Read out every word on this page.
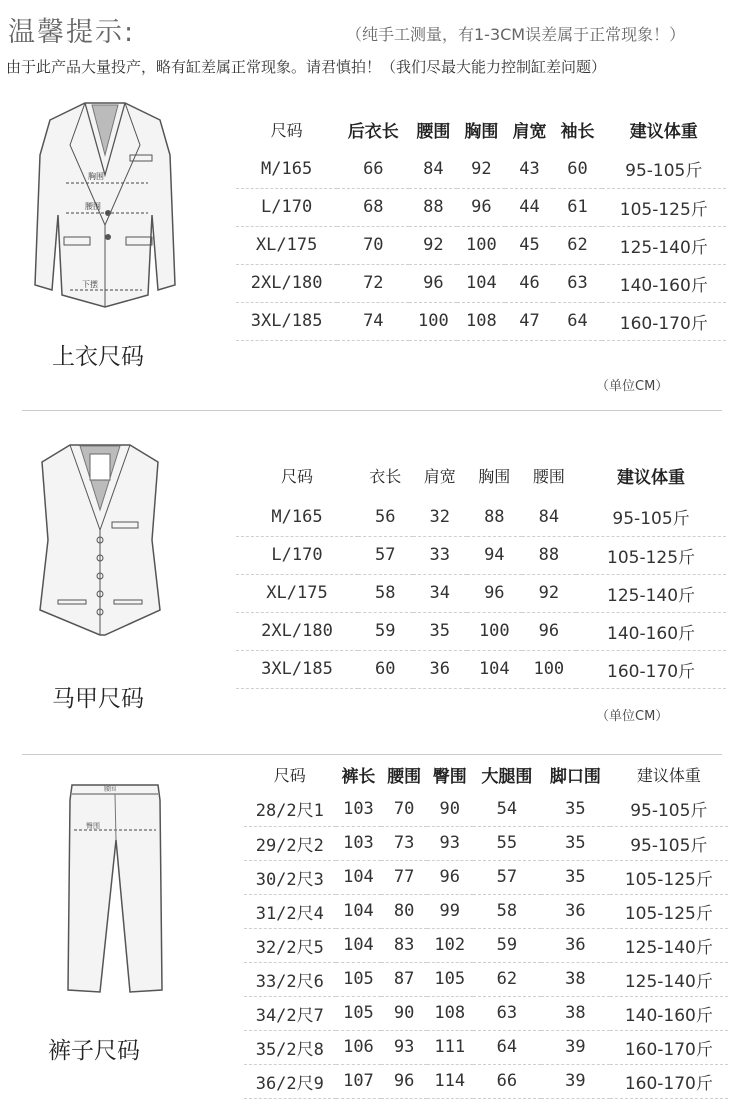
温馨提示:	（纯手工测量，有1-3CM误差属于正常现象！）
由于此产品大量投产，略有缸差属正常现象。请君慎拍！（我们尽最大能力控制缸差问题）
胸围
腰围
下摆
上衣尺码
尺码	后衣长	腰围	胸围	肩宽	袖长	建议体重
M/165	66	84	92	43	60	95-105斤
L/170	68	88	96	44	61	105-125斤
XL/175	70	92	100	45	62	125-140斤
2XL/180	72	96	104	46	63	140-160斤
3XL/185	74	100	108	47	64	160-170斤
（单位CM）
马甲尺码
尺码	衣长	肩宽	胸围	腰围	建议体重
M/165	56	32	88	84	95-105斤
L/170	57	33	94	88	105-125斤
XL/175	58	34	96	92	125-140斤
2XL/180	59	35	100	96	140-160斤
3XL/185	60	36	104	100	160-170斤
（单位CM）
腰围
臀围
裤子尺码
尺码	裤长	腰围	臀围	大腿围	脚口围	建议体重
28/2尺1	103	70	90	54	35	95-105斤
29/2尺2	103	73	93	55	35	95-105斤
30/2尺3	104	77	96	57	35	105-125斤
31/2尺4	104	80	99	58	36	105-125斤
32/2尺5	104	83	102	59	36	125-140斤
33/2尺6	105	87	105	62	38	125-140斤
34/2尺7	105	90	108	63	38	140-160斤
35/2尺8	106	93	111	64	39	160-170斤
36/2尺9	107	96	114	66	39	160-170斤
